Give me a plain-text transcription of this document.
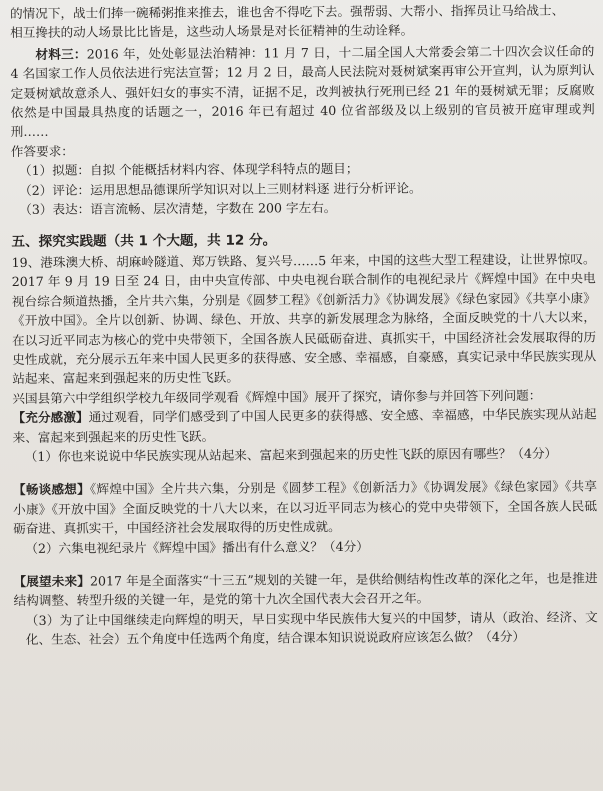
的情况下，战士们捧一碗稀粥推来推去，谁也舍不得吃下去。强帮弱、大帮小、指挥员让马给战士、

相互搀扶的动人场景比比皆是，这些动人场景是对长征精神的生动诠释。

材料三：2016 年，处处彰显法治精神：11 月 7 日，十二届全国人大常委会第二十四次会议任命的 4 名国家工作人员依法进行宪法宣誓；12 月 2 日，最高人民法院对聂树斌案再审公开宣判，认为原判认定聂树斌故意杀人、强奸妇女的事实不清，证据不足，改判被执行死刑已经 21 年的聂树斌无罪；反腐败依然是中国最具热度的话题之一，2016 年已有超过 40 位省部级及以上级别的官员被开庭审理或判刑……

作答要求：

（1）拟题：自拟 个能概括材料内容、体现学科特点的题目；

（2）评论：运用思想品德课所学知识对以上三则材料逐 进行分析评论。

（3）表达：语言流畅、层次清楚，字数在 200 字左右。

五、探究实践题（共 1 个大题，共 12 分。

19、港珠澳大桥、胡麻岭隧道、郑万铁路、复兴号……5 年来，中国的这些大型工程建设，让世界惊叹。2017 年 9 月 19 日至 24 日，由中央宣传部、中央电视台联合制作的电视纪录片《辉煌中国》在中央电视台综合频道热播，全片共六集，分别是《圆梦工程》《创新活力》《协调发展》《绿色家园》《共享小康》《开放中国》。全片以创新、协调、绿色、开放、共享的新发展理念为脉络，全面反映党的十八大以来，在以习近平同志为核心的党中央带领下，全国各族人民砥砺奋进、真抓实干，中国经济社会发展取得的历史性成就，充分展示五年来中国人民更多的获得感、安全感、幸福感，自豪感，真实记录中华民族实现从站起来、富起来到强起来的历史性飞跃。

兴国县第六中学组织学校九年级同学观看《辉煌中国》展开了探究，请你参与并回答下列问题：

【充分感激】通过观看，同学们感受到了中国人民更多的获得感、安全感、幸福感，中华民族实现从站起来、富起来到强起来的历史性飞跃。

（1）你也来说说中华民族实现从站起来、富起来到强起来的历史性飞跃的原因有哪些？（4分）

【畅谈感想】《辉煌中国》全片共六集，分别是《圆梦工程》《创新活力》《协调发展》《绿色家园》《共享小康》《开放中国》全面反映党的十八大以来，在以习近平同志为核心的党中央带领下，全国各族人民砥砺奋进、真抓实干，中国经济社会发展取得的历史性成就。

（2）六集电视纪录片《辉煌中国》播出有什么意义？（4分）

【展望未来】2017 年是全面落实“十三五”规划的关键一年，是供给侧结构性改革的深化之年，也是推进结构调整、转型升级的关键一年，是党的第十九次全国代表大会召开之年。

（3）为了让中国继续走向辉煌的明天，早日实现中华民族伟大复兴的中国梦，请从（政治、经济、文化、生态、社会）五个角度中任选两个角度，结合课本知识说说政府应该怎么做？（4分）
